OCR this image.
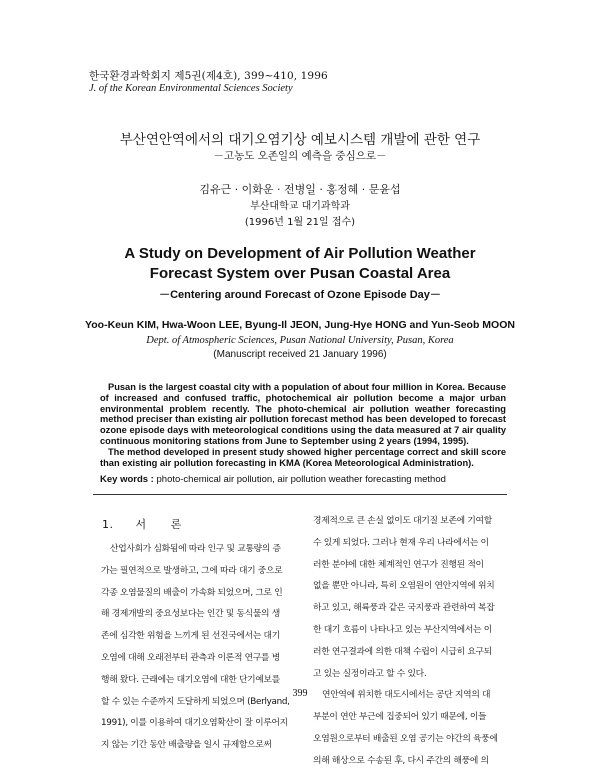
한국환경과학회지 제5권(제4호), 399~410, 1996
J. of the Korean Environmental Sciences Society
부산연안역에서의 대기오염기상 예보시스템 개발에 관한 연구
－고농도 오존일의 예측을 중심으로－
김유근 · 이화운 · 전병일 · 홍정혜 · 문윤섭
부산대학교 대기과학과
(1996년 1월 21일 접수)
A Study on Development of Air Pollution Weather
Forecast System over Pusan Coastal Area
－Centering around Forecast of Ozone Episode Day－
Yoo-Keun KIM, Hwa-Woon LEE, Byung-Il JEON, Jung-Hye HONG and Yun-Seob MOON
Dept. of Atmospheric Sciences, Pusan National University, Pusan, Korea
(Manuscript received 21 January 1996)

Pusan is the largest coastal city with a population of about four million in Korea. Because of increased and confused traffic, photochemical air pollution become a major urban environmental problem recently. The photo-chemical air pollution weather forecasting method preciser than existing air pollution forecast method has been developed to forecast ozone episode days with meteorological conditions using the data measured at 7 air quality continuous monitoring stations from June to September using 2 years (1994, 1995).

The method developed in present study showed higher percentage correct and skill score than existing air pollution forecasting in KMA (Korea Meteorological Administration).

Key words : photo-chemical air pollution, air pollution weather forecasting method
1. 서      론
산업사회가 심화됨에 따라 인구 및 교통량의 증
가는 필연적으로 발생하고, 그에 따라 대기 중으로
각종 오염물질의 배출이 가속화 되었으며, 그로 인
해 경제개발의 중요성보다는 인간 및 동식물의 생
존에 심각한 위험을 느끼게 된 선진국에서는 대기
오염에 대해 오래전부터 관측과 이론적 연구를 병
행해 왔다. 근래에는 대기오염에 대한 단기예보를
할 수 있는 수준까지 도달하게 되었으며 (Berlyand,
1991), 이를 이용하여 대기오염확산이 잘 이루어지
지 않는 기간 동안 배출량을 일시 규제함으로써
경제적으로 큰 손실 없이도 대기질 보존에 기여할
수 있게 되었다. 그러나 현재 우리 나라에서는 이
러한 분야에 대한 체계적인 연구가 진행된 적이
없을 뿐만 아니라, 특히 오염원이 연안지역에 위치
하고 있고, 해륙풍과 같은 국지풍과 관련하여 복잡
한 대기 흐름이 나타나고 있는 부산지역에서는 이
러한 연구결과에 의한 대책 수립이 시급히 요구되
고 있는 실정이라고 할 수 있다.
연안역에 위치한 대도시에서는 공단 지역의 대
부분이 연안 부근에 집중되어 있기 때문에, 이들
오염원으로부터 배출된 오염 공기는 야간의 육풍에
의해 해상으로 수송된 후, 다시 주간의 해풍에 의
399
